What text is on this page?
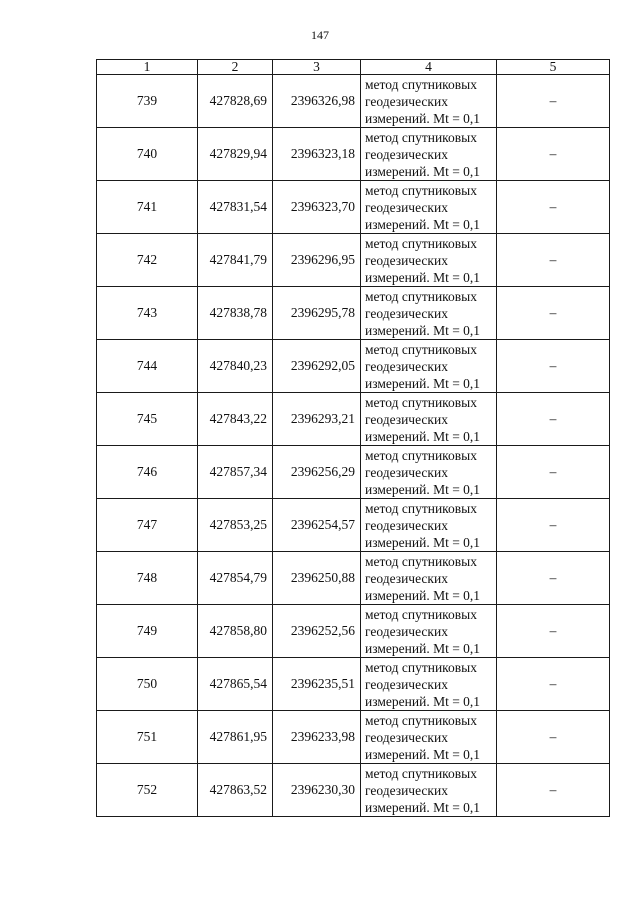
147
1	2	3	4	5
739	427828,69	2396326,98	метод спутниковых
геодезических
измерений. Mt = 0,1	–
740	427829,94	2396323,18	метод спутниковых
геодезических
измерений. Mt = 0,1	–
741	427831,54	2396323,70	метод спутниковых
геодезических
измерений. Mt = 0,1	–
742	427841,79	2396296,95	метод спутниковых
геодезических
измерений. Mt = 0,1	–
743	427838,78	2396295,78	метод спутниковых
геодезических
измерений. Mt = 0,1	–
744	427840,23	2396292,05	метод спутниковых
геодезических
измерений. Mt = 0,1	–
745	427843,22	2396293,21	метод спутниковых
геодезических
измерений. Mt = 0,1	–
746	427857,34	2396256,29	метод спутниковых
геодезических
измерений. Mt = 0,1	–
747	427853,25	2396254,57	метод спутниковых
геодезических
измерений. Mt = 0,1	–
748	427854,79	2396250,88	метод спутниковых
геодезических
измерений. Mt = 0,1	–
749	427858,80	2396252,56	метод спутниковых
геодезических
измерений. Mt = 0,1	–
750	427865,54	2396235,51	метод спутниковых
геодезических
измерений. Mt = 0,1	–
751	427861,95	2396233,98	метод спутниковых
геодезических
измерений. Mt = 0,1	–
752	427863,52	2396230,30	метод спутниковых
геодезических
измерений. Mt = 0,1	–
